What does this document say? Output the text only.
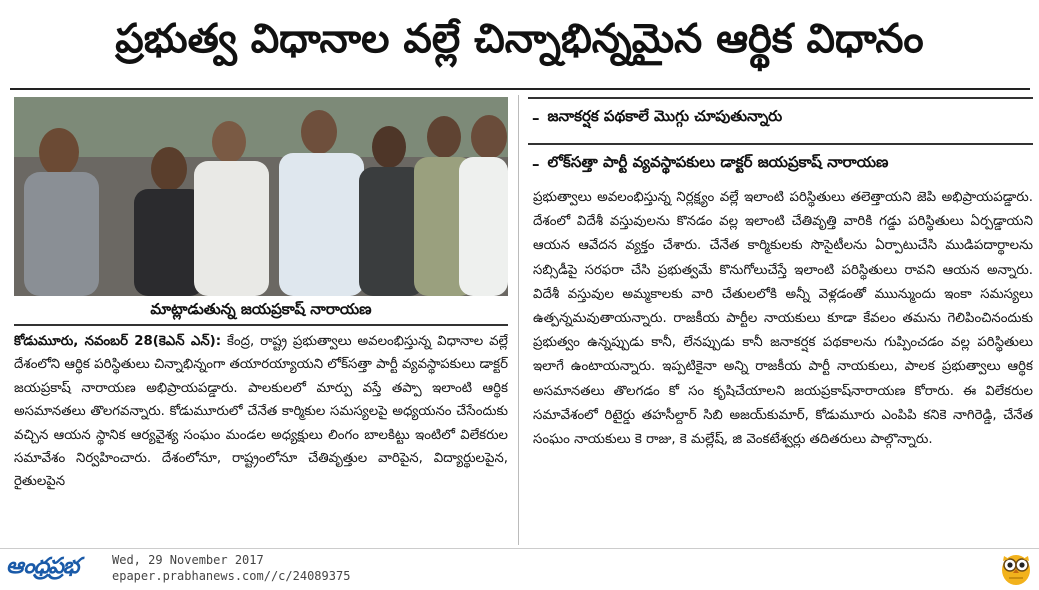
ప్రభుత్వ విధానాల వల్లే చిన్నాభిన్నమైన ఆర్థిక విధానం
మాట్లాడుతున్న జయప్రకాష్ నారాయణ
కోడుమూరు, నవంబర్ 28(కెఎన్ ఎన్): కేంద్ర, రాష్ట్ర ప్రభుత్వాలు అవలంభిస్తున్న విధానాల వల్లే దేశంలోని ఆర్థిక పరిస్థితులు చిన్నాభిన్నంగా తయారయ్యాయని లోక్‌సత్తా పార్టీ వ్యవస్థాపకులు డాక్టర్ జయప్రకాష్ నారాయణ అభిప్రాయపడ్డారు. పాలకులలో మార్పు వస్తే తప్పా ఇలాంటి ఆర్థిక అసమానతలు తొలగవన్నారు. కోడుమూరులో చేనేత కార్మికుల సమస్యలపై అధ్యయనం చేసేందుకు వచ్చిన ఆయన స్థానిక ఆర్యవైశ్య సంఘం మండల అధ్యక్షులు లింగం బాలకిట్టు ఇంటిలో విలేకరుల సమావేశం నిర్వహించారు. దేశంలోనూ, రాష్ట్రంలోనూ చేతివృత్తుల వారిపైన, విద్యార్థులపైన, రైతులపైన
– జనాకర్షక పథకాలే మొగ్గు చూపుతున్నారు
– లోక్‌సత్తా పార్టీ వ్యవస్థాపకులు డాక్టర్ జయప్రకాష్ నారాయణ
ప్రభుత్వాలు అవలంభిస్తున్న నిర్లక్ష్యం వల్లే ఇలాంటి పరిస్థితులు తలెత్తాయని జెపి అభిప్రాయపడ్డారు. దేశంలో విదేశీ వస్తువులను కొనడం వల్ల ఇలాంటి చేతివృత్తి వారికి గడ్డు పరిస్థితులు ఏర్పడ్డాయని ఆయన ఆవేదన వ్యక్తం చేశారు. చేనేత కార్మికులకు సొసైటీలను ఏర్పాటుచేసి ముడిపదార్థాలను సబ్సిడీపై సరఫరా చేసి ప్రభుత్వమే కొనుగోలుచేస్తే ఇలాంటి పరిస్థితులు రావని ఆయన అన్నారు. విదేశీ వస్తువుల అమ్మకాలకు వారి చేతులలోకి అన్నీ వెళ్లడంతో ముున్ముందు ఇంకా సమస్యలు ఉత్పన్నమవుతాయన్నారు. రాజకీయ పార్టీల నాయకులు కూడా కేవలం తమను గెలిపించినందుకు ప్రభుత్వం ఉన్నప్పుడు కానీ, లేనప్పుడు కానీ జనాకర్షక పథకాలను గుప్పించడం వల్ల పరిస్థితులు ఇలాగే ఉంటాయన్నారు. ఇప్పటికైనా అన్ని రాజకీయ పార్టీ నాయకులు, పాలక ప్రభుత్వాలు ఆర్థిక అసమానతలు తొలగడం కో సం కృషిచేయాలని జయప్రకాష్‌నారాయణ కోరారు. ఈ విలేకరుల సమావేశంలో రిటైర్డు తహసీల్దార్ సిబి అజయ్‌కుమార్, కోడుమూరు ఎంపిపి కనికె నాగిరెడ్డి, చేనేత సంఘం నాయకులు కె రాజు, కె మల్లేష్, జి వెంకటేశ్వర్లు తదితరులు పాల్గొన్నారు.
ఆంధ్రప్రభ	Wed, 29 November 2017
epaper.prabhanews.com//c/24089375
